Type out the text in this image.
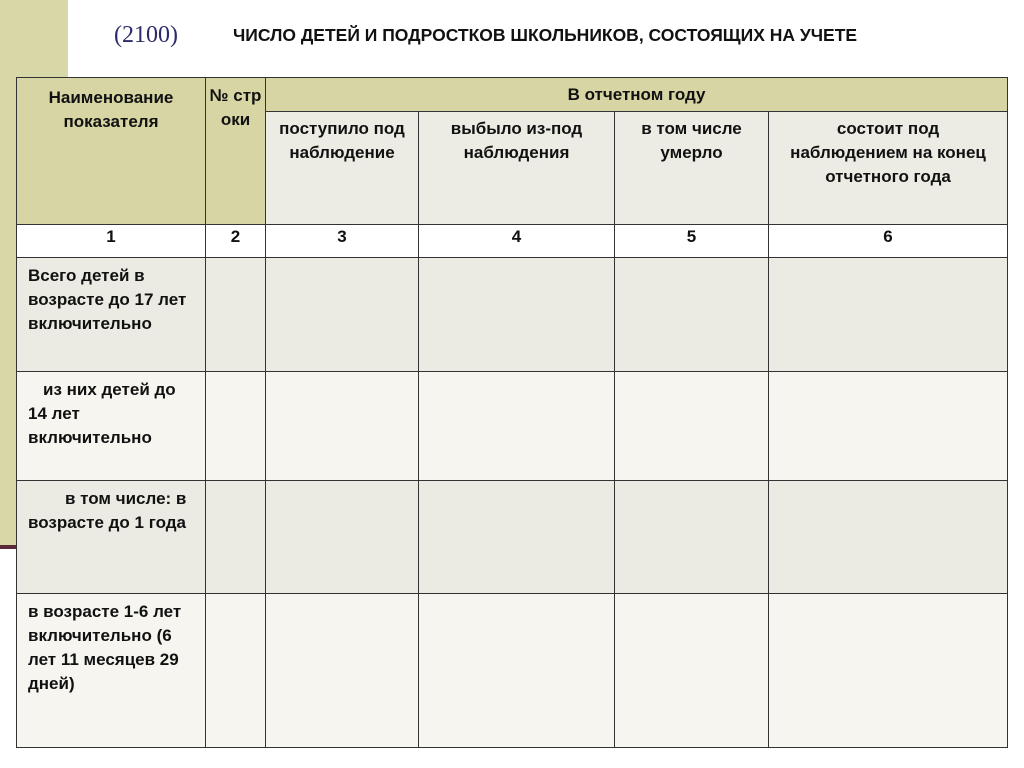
(2100)	ЧИСЛО ДЕТЕЙ И ПОДРОСТКОВ ШКОЛЬНИКОВ, СОСТОЯЩИХ НА УЧЕТЕ
Наименование показателя	№ стр оки	В отчетном году			
		поступило под наблюдение	выбыло из-под наблюдения	в том числе умерло	состоит под наблюдением на конец отчетного года
1	2	3	4	5	6
Всего детей в возрасте до 17 лет включительно					
из них детей до 14 лет включительно					
в том числе: в возрасте до 1 года					
в возрасте 1-6 лет включительно (6 лет 11 месяцев 29 дней)					
